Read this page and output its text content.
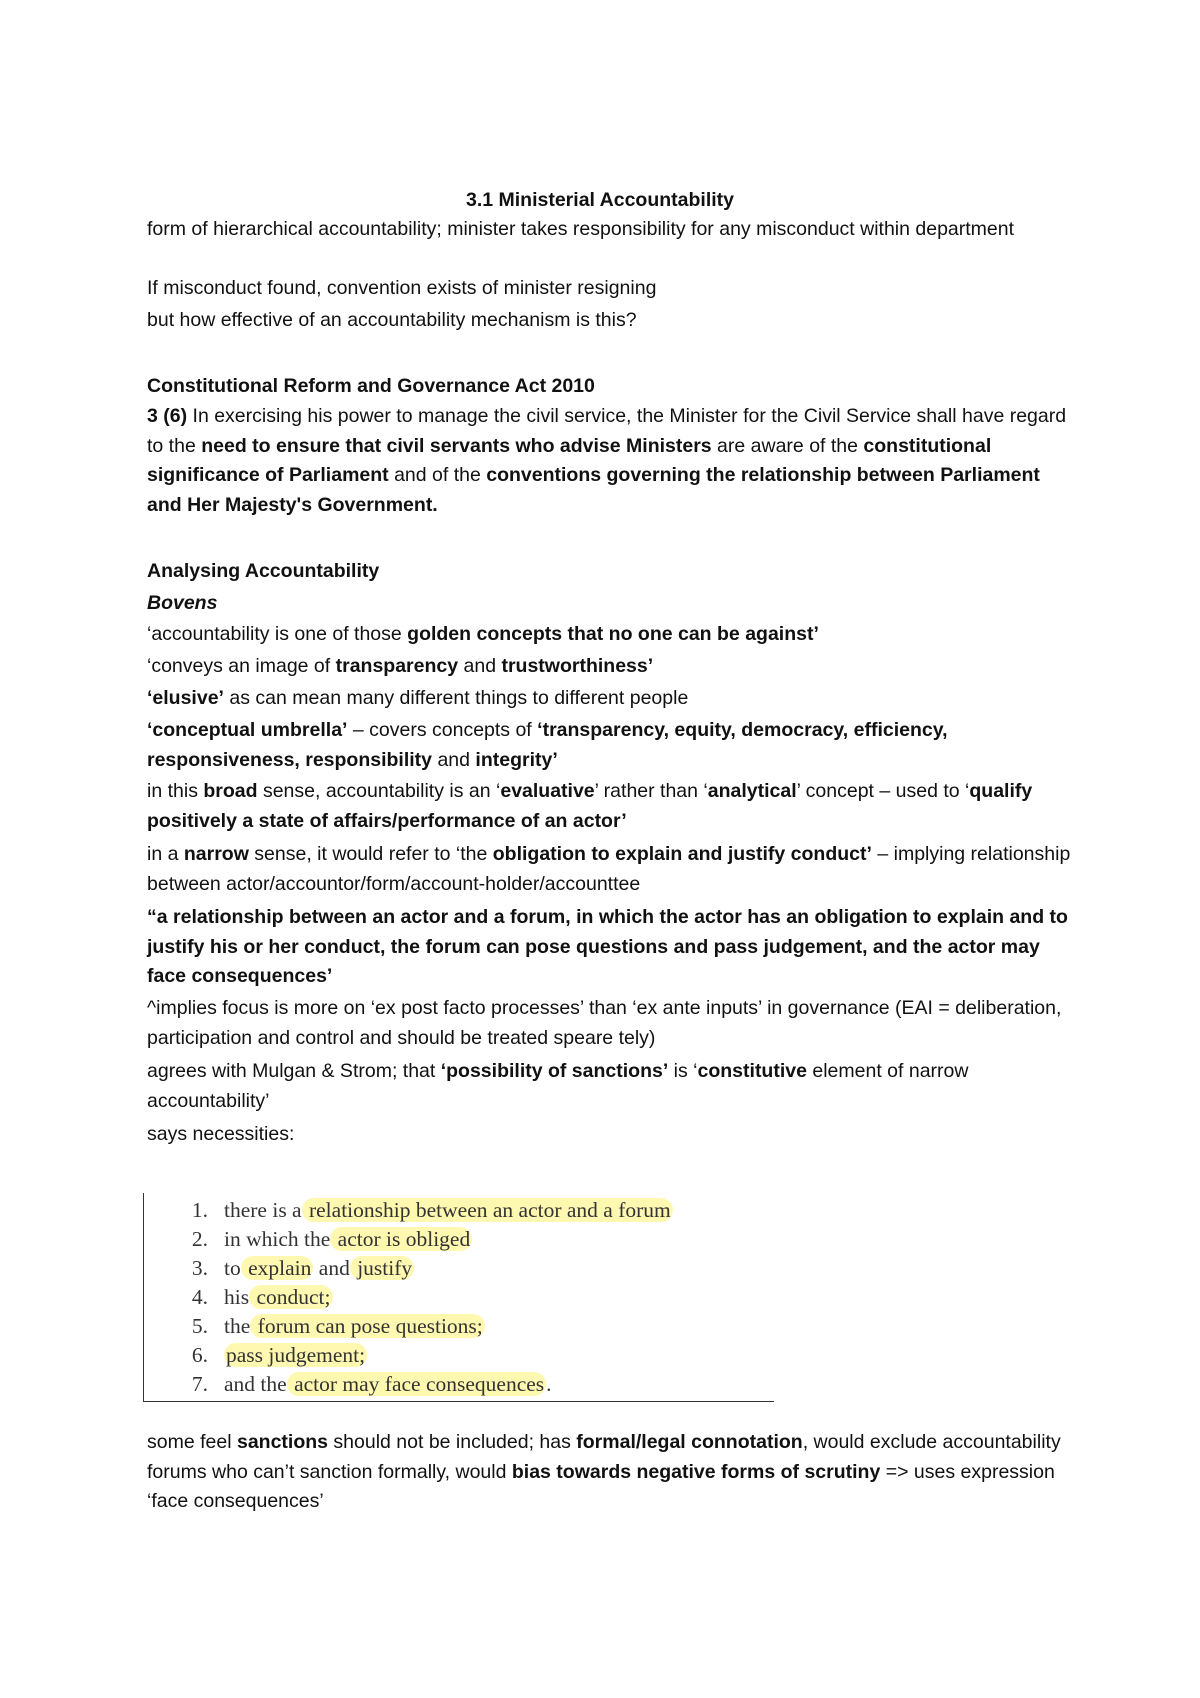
3.1 Ministerial Accountability

form of hierarchical accountability; minister takes responsibility for any misconduct within department

If misconduct found, convention exists of minister resigning

but how effective of an accountability mechanism is this?

Constitutional Reform and Governance Act 2010

3 (6) In exercising his power to manage the civil service, the Minister for the Civil Service shall have regard to the need to ensure that civil servants who advise Ministers are aware of the constitutional significance of Parliament and of the conventions governing the relationship between Parliament and Her Majesty's Government.

Analysing Accountability

Bovens

‘accountability is one of those golden concepts that no one can be against’

‘conveys an image of transparency and trustworthiness’

‘elusive’ as can mean many different things to different people

‘conceptual umbrella’ – covers concepts of ‘transparency, equity, democracy, efficiency, responsiveness, responsibility and integrity’

in this broad sense, accountability is an ‘evaluative’ rather than ‘analytical’ concept – used to ‘qualify positively a state of affairs/performance of an actor’

in a narrow sense, it would refer to ‘the obligation to explain and justify conduct’ – implying relationship between actor/accountor/form/account-holder/accounttee

“a relationship between an actor and a forum, in which the actor has an obligation to explain and to justify his or her conduct, the forum can pose questions and pass judgement, and the actor may face consequences’

^implies focus is more on ‘ex post facto processes’ than ‘ex ante inputs’ in governance (EAI = deliberation, participation and control and should be treated speare tely)

agrees with Mulgan & Strom; that ‘possibility of sanctions’ is ‘constitutive element of narrow accountability’

says necessities:

1. there is a relationship between an actor and a forum
2. in which the actor is obliged
3. to explain and justify
4. his conduct;
5. the forum can pose questions;
6. pass judgement;
7. and the actor may face consequences.

some feel sanctions should not be included; has formal/legal connotation, would exclude accountability forums who can’t sanction formally, would bias towards negative forms of scrutiny => uses expression ‘face consequences’
